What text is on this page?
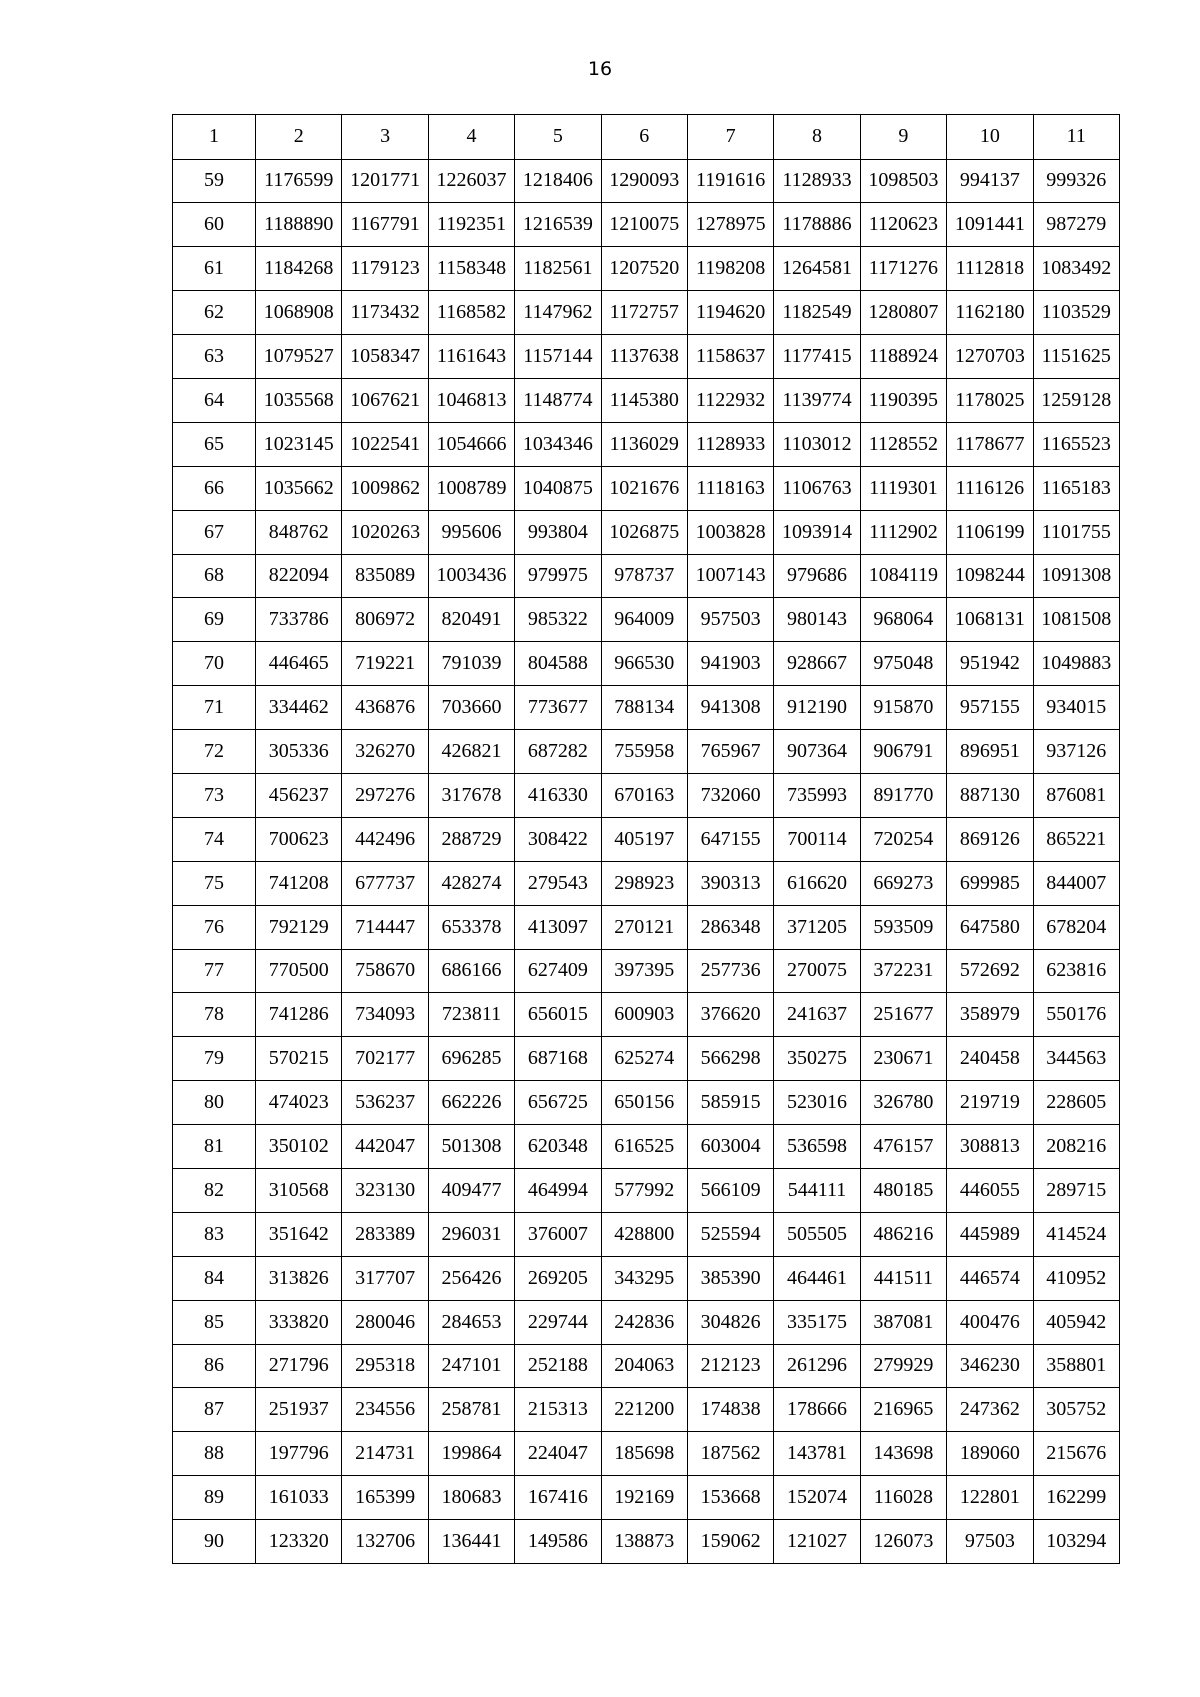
16
1	2	3	4	5	6	7	8	9	10	11
59	1176599	1201771	1226037	1218406	1290093	1191616	1128933	1098503	994137	999326
60	1188890	1167791	1192351	1216539	1210075	1278975	1178886	1120623	1091441	987279
61	1184268	1179123	1158348	1182561	1207520	1198208	1264581	1171276	1112818	1083492
62	1068908	1173432	1168582	1147962	1172757	1194620	1182549	1280807	1162180	1103529
63	1079527	1058347	1161643	1157144	1137638	1158637	1177415	1188924	1270703	1151625
64	1035568	1067621	1046813	1148774	1145380	1122932	1139774	1190395	1178025	1259128
65	1023145	1022541	1054666	1034346	1136029	1128933	1103012	1128552	1178677	1165523
66	1035662	1009862	1008789	1040875	1021676	1118163	1106763	1119301	1116126	1165183
67	848762	1020263	995606	993804	1026875	1003828	1093914	1112902	1106199	1101755
68	822094	835089	1003436	979975	978737	1007143	979686	1084119	1098244	1091308
69	733786	806972	820491	985322	964009	957503	980143	968064	1068131	1081508
70	446465	719221	791039	804588	966530	941903	928667	975048	951942	1049883
71	334462	436876	703660	773677	788134	941308	912190	915870	957155	934015
72	305336	326270	426821	687282	755958	765967	907364	906791	896951	937126
73	456237	297276	317678	416330	670163	732060	735993	891770	887130	876081
74	700623	442496	288729	308422	405197	647155	700114	720254	869126	865221
75	741208	677737	428274	279543	298923	390313	616620	669273	699985	844007
76	792129	714447	653378	413097	270121	286348	371205	593509	647580	678204
77	770500	758670	686166	627409	397395	257736	270075	372231	572692	623816
78	741286	734093	723811	656015	600903	376620	241637	251677	358979	550176
79	570215	702177	696285	687168	625274	566298	350275	230671	240458	344563
80	474023	536237	662226	656725	650156	585915	523016	326780	219719	228605
81	350102	442047	501308	620348	616525	603004	536598	476157	308813	208216
82	310568	323130	409477	464994	577992	566109	544111	480185	446055	289715
83	351642	283389	296031	376007	428800	525594	505505	486216	445989	414524
84	313826	317707	256426	269205	343295	385390	464461	441511	446574	410952
85	333820	280046	284653	229744	242836	304826	335175	387081	400476	405942
86	271796	295318	247101	252188	204063	212123	261296	279929	346230	358801
87	251937	234556	258781	215313	221200	174838	178666	216965	247362	305752
88	197796	214731	199864	224047	185698	187562	143781	143698	189060	215676
89	161033	165399	180683	167416	192169	153668	152074	116028	122801	162299
90	123320	132706	136441	149586	138873	159062	121027	126073	97503	103294
